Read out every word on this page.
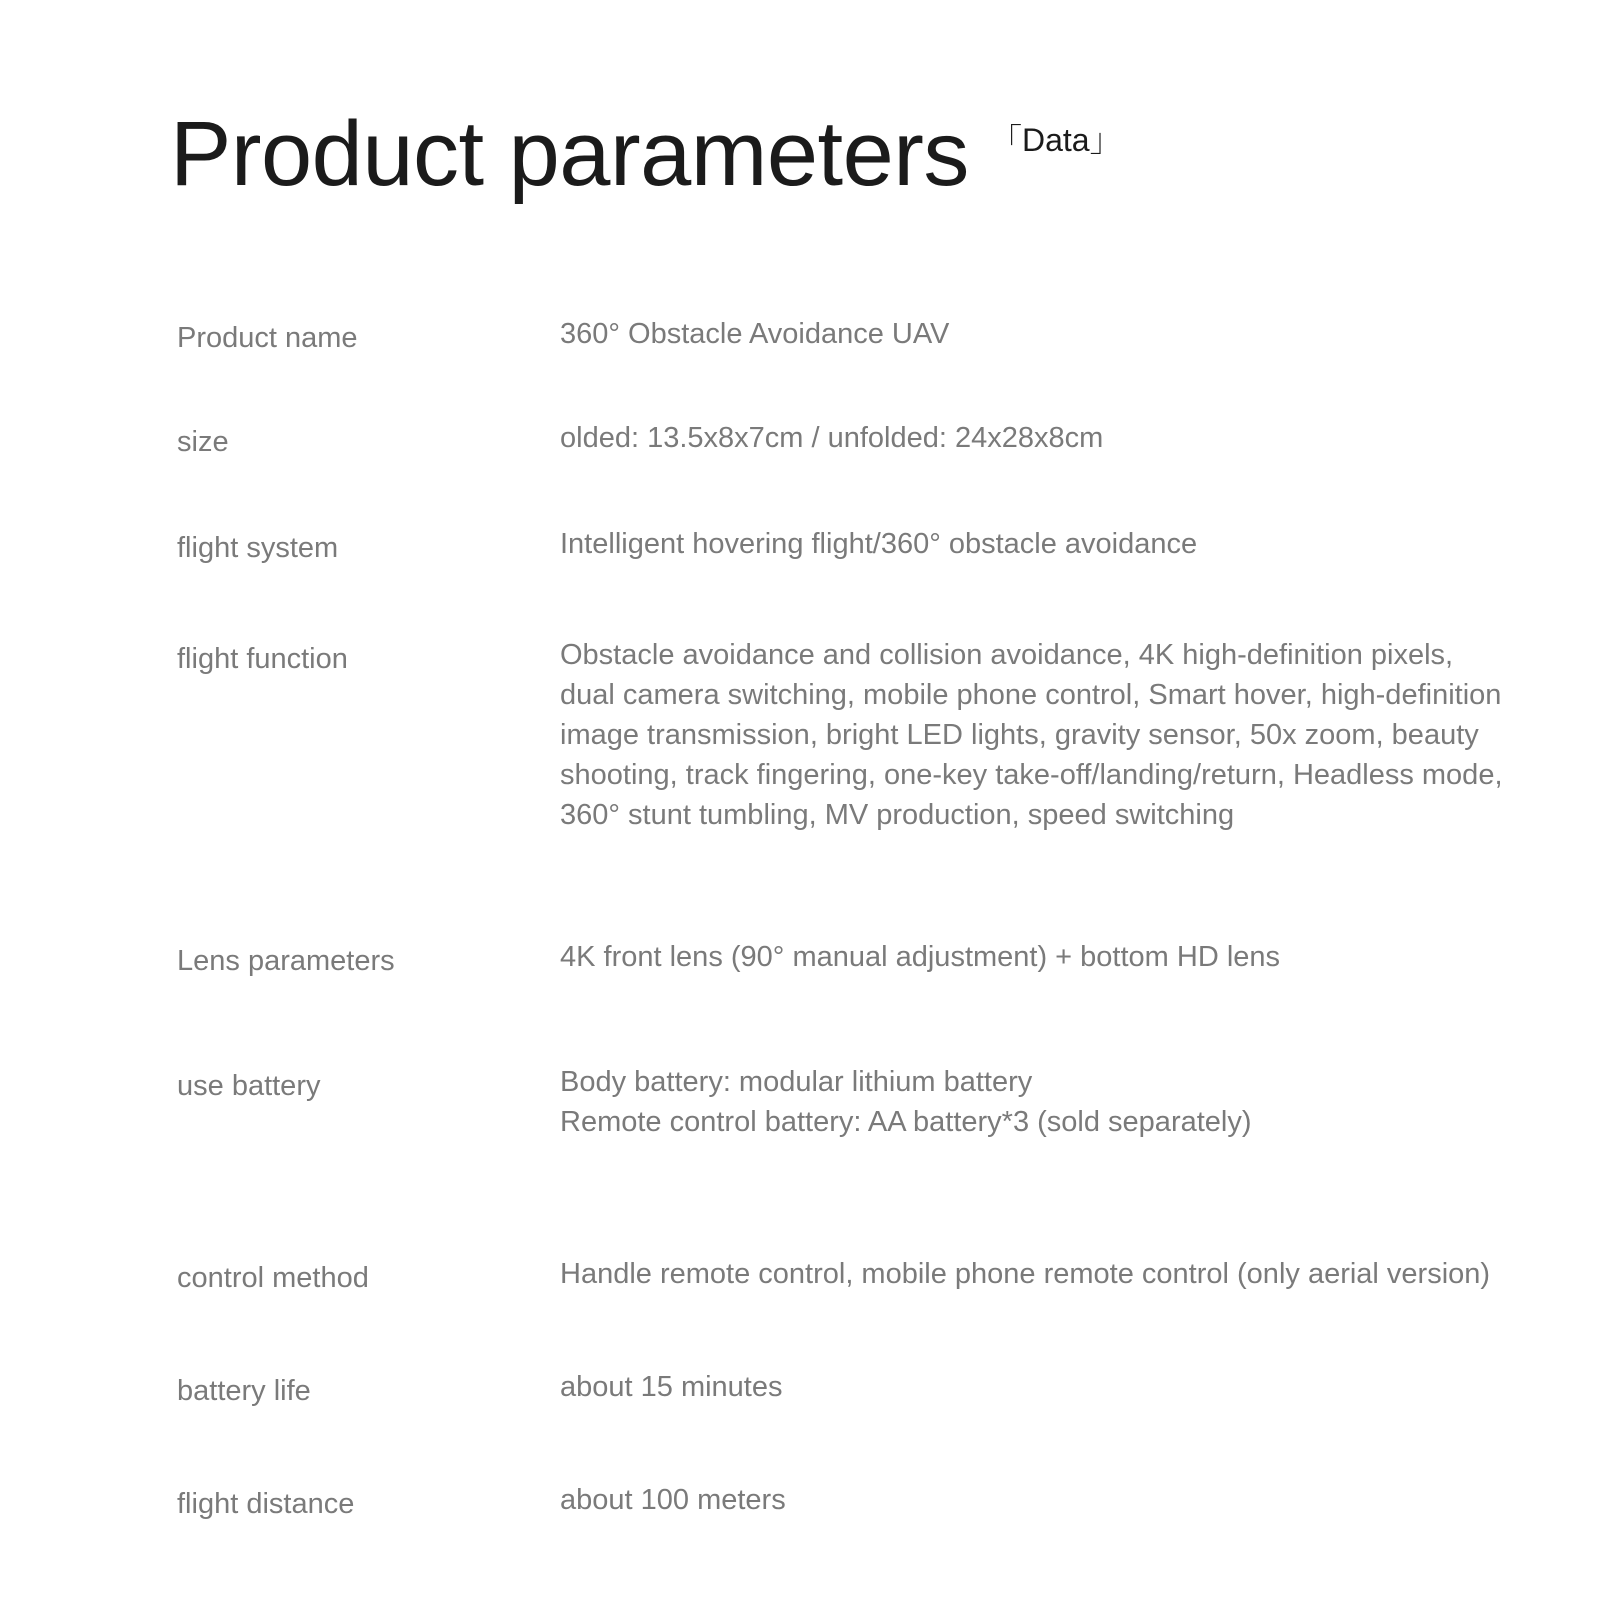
Product parameters 「Data」
Product name	360° Obstacle Avoidance UAV
size	olded: 13.5x8x7cm / unfolded: 24x28x8cm
flight system	Intelligent hovering flight/360° obstacle avoidance
flight function	Obstacle avoidance and collision avoidance, 4K high-definition pixels,
dual camera switching, mobile phone control, Smart hover, high-definition
image transmission, bright LED lights, gravity sensor, 50x zoom, beauty
shooting, track fingering, one-key take-off/landing/return, Headless mode,
360° stunt tumbling, MV production, speed switching
Lens parameters	4K front lens (90° manual adjustment) + bottom HD lens
use battery	Body battery: modular lithium battery
Remote control battery: AA battery*3 (sold separately)
control method	Handle remote control, mobile phone remote control (only aerial version)
battery life	about 15 minutes
flight distance	about 100 meters
